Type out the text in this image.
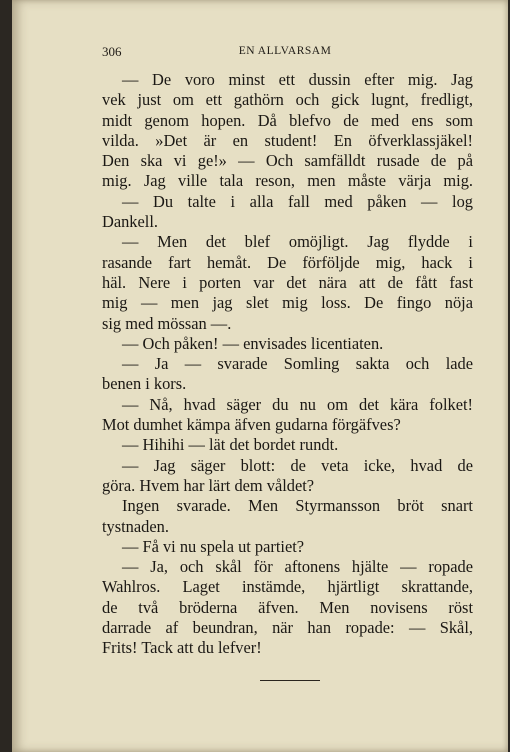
306	EN ALLVARSAM
— De voro minst ett dussin efter mig. Jag
vek just om ett gathörn och gick lugnt, fredligt,
midt genom hopen. Då blefvo de med ens som
vilda. »Det är en student! En öfverklassjäkel!
Den ska vi ge!» — Och samfälldt rusade de på
mig. Jag ville tala reson, men måste värja mig.
— Du talte i alla fall med påken — log
Dankell.
— Men det blef omöjligt. Jag flydde i
rasande fart hemåt. De förföljde mig, hack i
häl. Nere i porten var det nära att de fått fast
mig — men jag slet mig loss. De fingo nöja
sig med mössan —.
— Och påken! — envisades licentiaten.
— Ja — svarade Somling sakta och lade
benen i kors.
— Nå, hvad säger du nu om det kära folket!
Mot dumhet kämpa äfven gudarna förgäfves?
— Hihihi — lät det bordet rundt.
— Jag säger blott: de veta icke, hvad de
göra. Hvem har lärt dem våldet?
Ingen svarade. Men Styrmansson bröt snart
tystnaden.
— Få vi nu spela ut partiet?
— Ja, och skål för aftonens hjälte — ropade
Wahlros. Laget instämde, hjärtligt skrattande,
de två bröderna äfven. Men novisens röst
darrade af beundran, när han ropade: — Skål,
Frits! Tack att du lefver!
